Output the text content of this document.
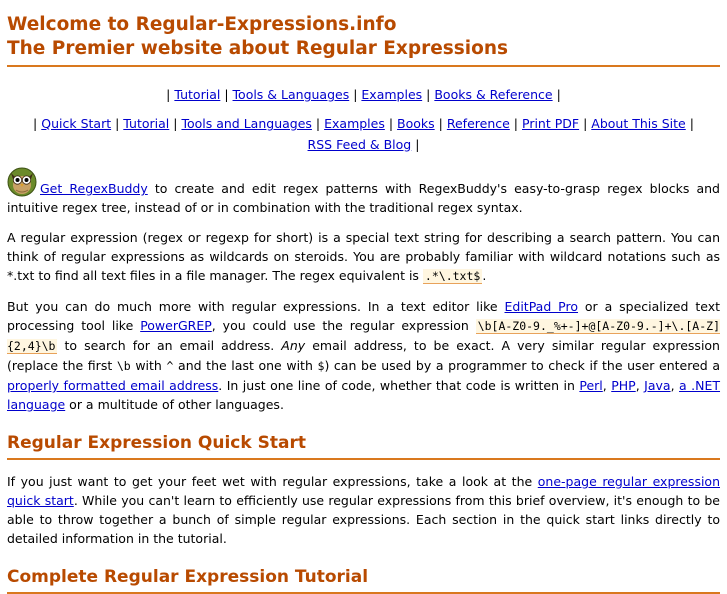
Welcome to Regular-Expressions.info
The Premier website about Regular Expressions
| Tutorial | Tools & Languages | Examples | Books & Reference |
| Quick Start | Tutorial | Tools and Languages | Examples | Books | Reference | Print PDF | About This Site |
RSS Feed & Blog |

Get RegexBuddy to create and edit regex patterns with RegexBuddy's easy-to-grasp regex blocks and intuitive regex tree, instead of or in combination with the traditional regex syntax.

A regular expression (regex or regexp for short) is a special text string for describing a search pattern. You can think of regular expressions as wildcards on steroids. You are probably familiar with wildcard notations such as *.txt to find all text files in a file manager. The regex equivalent is .*\.txt$ .

But you can do much more with regular expressions. In a text editor like EditPad Pro or a specialized text processing tool like PowerGREP, you could use the regular expression \b[A-Z0-9._%+-]+@[A-Z0-9.-]+\.[A-Z]{2,4}\b to search for an email address. Any email address, to be exact. A very similar regular expression (replace the first \b with ^ and the last one with $) can be used by a programmer to check if the user entered a properly formatted email address. In just one line of code, whether that code is written in Perl, PHP, Java, a .NET language or a multitude of other languages.

Regular Expression Quick Start

If you just want to get your feet wet with regular expressions, take a look at the one-page regular expression quick start. While you can't learn to efficiently use regular expressions from this brief overview, it's enough to be able to throw together a bunch of simple regular expressions. Each section in the quick start links directly to detailed information in the tutorial.

Complete Regular Expression Tutorial
